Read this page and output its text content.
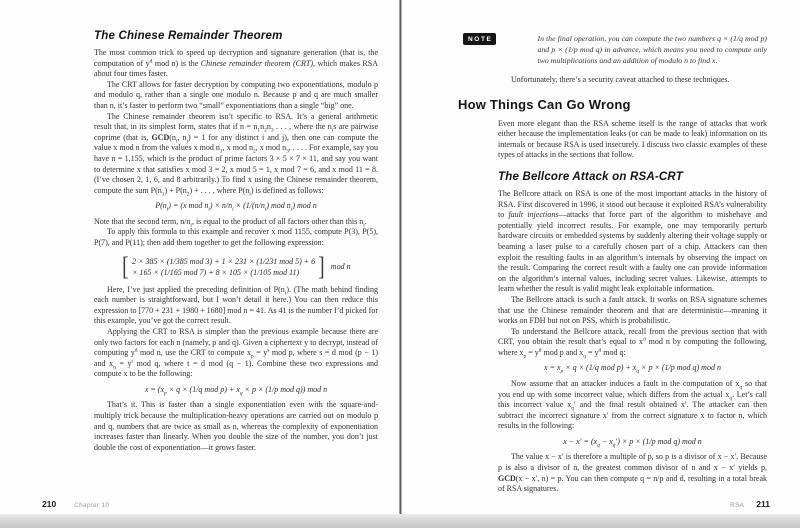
The Chinese Remainder Theorem

The most common trick to speed up decryption and signature generation (that is, the computation of $y^d$ mod n) is the Chinese remainder theorem (CRT), which makes RSA about four times faster.

The CRT allows for faster decryption by computing two exponentiations, modulo p and modulo q, rather than a single one modulo n. Because p and q are much smaller than n, it’s faster to perform two “small” exponentiations than a single “big” one.

The Chinese remainder theorem isn’t specific to RSA. It’s a general arithmetic result that, in its simplest form, states that if $n = n_1n_2n_3$ . . . , where the $n_is$ are pairwise coprime (that is, $GCD(n_i$, $n_j) = 1$ for any distinct i and j), then one can compute the value x mod n from the values x mod $n_1$, x mod $n_2$, x mod $n_3$, . . . . For example, say you have n = 1,155, which is the product of prime factors 3 × 5 × 7 × 11, and say you want to determine x that satisfies x mod 3 = 2, x mod 5 = 1, x mod 7 = 6, and x mod 11 = 8. (I’ve chosen 2, 1, 6, and 8 arbitrarily.) To find x using the Chinese remainder theorem, compute the sum $P(n_1) + P(n_2)$ + . . . , where $P(n_i)$ is defined as follows:

$P(n_i) = (x$ mod $n_i) \times n/n_i \times (1/(n/n_i)$ mod $n_i$) mod n

Note that the second term, $n/n_i$, is equal to the product of all factors other than this $n_i$.

To apply this formula to this example and recover x mod 1155, compute P(3), P(5), P(7), and P(11); then add them together to get the following expression:

[ 2 × 385 × (1/385 mod 3) + 1 × 231 × (1/231 mod 5) + 6
× 165 × (1/165 mod 7) + 8 × 105 × (1/105 mod 11) ] mod n

Here, I’ve just applied the preceding definition of $P(n_i)$. (The math behind finding each number is straightforward, but I won’t detail it here.) You can then reduce this expression to [770 + 231 + 1980 + 1680] mod n = 41. As 41 is the number I’d picked for this example, you’ve got the correct result.

Applying the CRT to RSA is simpler than the previous example because there are only two factors for each n (namely, p and q). Given a ciphertext y to decrypt, instead of computing $y^d$ mod n, use the CRT to compute $x_p = y^s$ mod p, where s = d mod (p − 1) and $x_q = y^t$ mod q, where t = d mod (q − 1). Combine these two expressions and compute x to be the following:

$x = (x_p \times q \times (1/q$ mod $p) + x_q \times p \times (1/p$ mod q)) mod n

That’s it. This is faster than a single exponentiation even with the square-and-multiply trick because the multiplication-heavy operations are carried out on modulo p and q, numbers that are twice as small as n, whereas the complexity of exponentiation increases faster than linearly. When you double the size of the number, you don’t just double the cost of exponentiation—it grows faster.

210	Chapter 10
NOTE	In the final operation, you can compute the two numbers q × (1/q mod p) and p × (1/p mod q) in advance, which means you need to compute only two multiplications and an addition of modulo n to find x.

Unfortunately, there’s a security caveat attached to these techniques.

How Things Can Go Wrong

Even more elegant than the RSA scheme itself is the range of attacks that work either because the implementation leaks (or can be made to leak) information on its internals or because RSA is used insecurely. I discuss two classic examples of these types of attacks in the sections that follow.

The Bellcore Attack on RSA-CRT

The Bellcore attack on RSA is one of the most important attacks in the history of RSA. First discovered in 1996, it stood out because it exploited RSA’s vulnerability to fault injections—attacks that force part of the algorithm to misbehave and potentially yield incorrect results. For example, one may temporarily perturb hardware circuits or embedded systems by suddenly altering their voltage supply or beaming a laser pulse to a carefully chosen part of a chip. Attackers can then exploit the resulting faults in an algorithm’s internals by observing the impact on the result. Comparing the correct result with a faulty one can provide information on the algorithm’s internal values, including secret values. Likewise, attempts to learn whether the result is valid might leak exploitable information.

The Bellcore attack is such a fault attack. It works on RSA signature schemes that use the Chinese remainder theorem and that are deterministic—meaning it works on FDH but not on PSS, which is probabilistic.

To understand the Bellcore attack, recall from the previous section that with CRT, you obtain the result that’s equal to $x^d$ mod n by computing the following, where $x_p = y^d$ mod p and $x_q = y^d$ mod q:

$x = x_p \times q \times (1/q$ mod $p) + x_q \times p \times (1/p$ mod q) mod n

Now assume that an attacker induces a fault in the computation of $x_q$ so that you end up with some incorrect value, which differs from the actual $x_q$. Let’s call this incorrect value $x_q'$ and the final result obtained x′. The attacker can then subtract the incorrect signature x′ from the correct signature x to factor n, which results in the following:

$x - x' = (x_q - x_q') \times p \times (1/p$ mod q) mod n

The value x − x′ is therefore a multiple of p, so p is a divisor of x − x′. Because p is also a divisor of n, the greatest common divisor of n and x − x′ yields p, GCD(x − x′, n) = p. You can then compute q = n/p and d, resulting in a total break of RSA signatures.

RSA 211
